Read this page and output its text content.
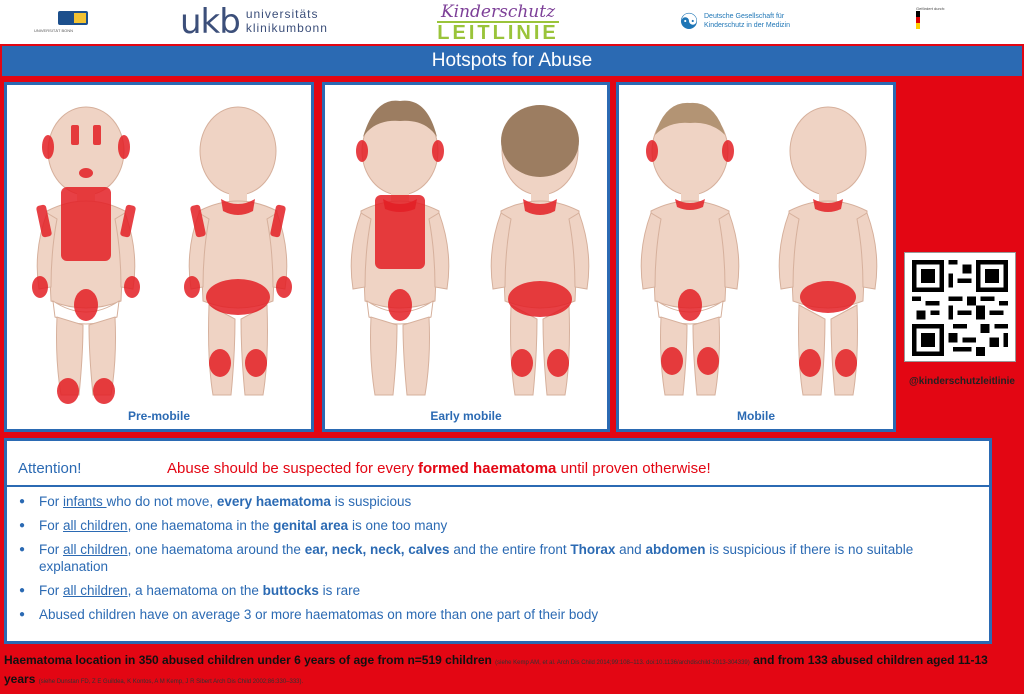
UNIVERSITÄT BONN	ukb universitäts
klinikumbonn
Kinderschutz
LEITLINIE	☯ Deutsche Gesellschaft für
Kinderschutz in der Medizin
Gefördert durch:
Hotspots for Abuse
Pre-mobile	Early mobile	Mobile
@kinderschutzleitlinie
Attention!	Abuse should be suspected for every formed haematoma until proven otherwise!
● For infants who do not move, every haematoma is suspicious
● For all children, one haematoma in the genital area is one too many
● For all children, one haematoma around the ear, neck, neck, calves and the entire front Thorax and abdomen is suspicious if there is no suitable explanation
● For all children, a haematoma on the buttocks is rare
● Abused children have on average 3 or more haematomas on more than one part of their body
Haematoma location in 350 abused children under 6 years of age from n=519 children (siehe Kemp AM, et al. Arch Dis Child 2014;99:108–113. doi:10.1136/archdischild-2013-304339) and from 133 abused children aged 11-13 years (siehe Dunstan FD, Z E Guildea, K Kontos, A M Kemp, J R Sibert Arch Dis Child 2002;86:330–333).
